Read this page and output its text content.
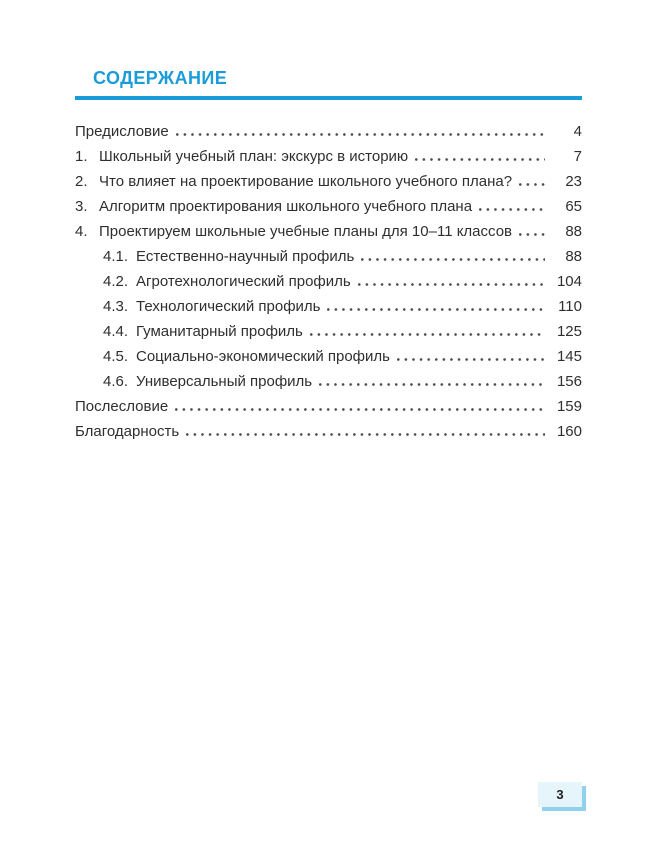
СОДЕРЖАНИЕ
Предисловие	4
1. Школьный учебный план: экскурс в историю	7
2. Что влияет на проектирование школьного учебного плана?	23
3. Алгоритм проектирования школьного учебного плана	65
4. Проектируем школьные учебные планы для 10–11 классов	88
4.1. Естественно-научный профиль	88
4.2. Агротехнологический профиль	104
4.3. Технологический профиль	110
4.4. Гуманитарный профиль	125
4.5. Социально-экономический профиль	145
4.6. Универсальный профиль	156
Послесловие	159
Благодарность	160
3
